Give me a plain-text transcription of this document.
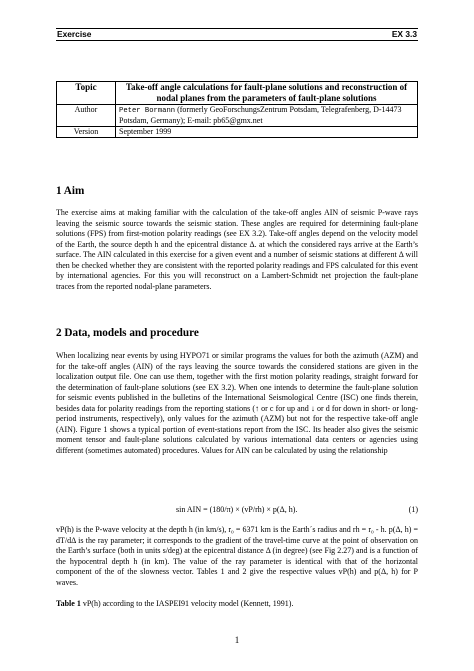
Exercise	EX 3.3
Topic	Take-off angle calculations for fault-plane solutions and reconstruction of nodal planes from the parameters of fault-plane solutions
Author	Peter Bormann (formerly GeoForschungsZentrum Potsdam, Telegrafenberg, D-14473 Potsdam, Germany); E-mail: pb65@gmx.net
Version	September 1999
1 Aim

The exercise aims at making familiar with the calculation of the take-off angles AIN of seismic P-wave rays leaving the seismic source towards the seismic station. These angles are required for determining fault-plane solutions (FPS) from first-motion polarity readings (see EX 3.2). Take-off angles depend on the velocity model of the Earth, the source depth h and the epicentral distance Δ. at which the considered rays arrive at the Earth’s surface. The AIN calculated in this exercise for a given event and a number of seismic stations at different Δ will then be checked whether they are consistent with the reported polarity readings and FPS calculated for this event by international agencies. For this you will reconstruct on a Lambert-Schmidt net projection the fault-plane traces from the reported nodal-plane parameters.

2 Data, models and procedure

When localizing near events by using HYPO71 or similar programs the values for both the azimuth (AZM) and for the take-off angles (AIN) of the rays leaving the source towards the considered stations are given in the localization output file. One can use them, together with the first motion polarity readings, straight forward for the determination of fault-plane solutions (see EX 3.2). When one intends to determine the fault-plane solution for seismic events published in the bulletins of the International Seismological Centre (ISC) one finds therein, besides data for polarity readings from the reporting stations (↑ or c for up and ↓ or d for down in short- or long-period instruments, respectively), only values for the azimuth (AZM) but not for the respective take-off angle (AIN). Figure 1 shows a typical portion of event-stations report from the ISC. Its header also gives the seismic moment tensor and fault-plane solutions calculated by various international data centers or agencies using different (sometimes automated) procedures. Values for AIN can be calculated by using the relationship

sin AIN = (180/π) × (vP/rh) × p(Δ, h).	(1)

vP(h) is the P-wave velocity at the depth h (in km/s), r₀ = 6371 km is the Earth´s radius and rh = r₀ - h. p(Δ, h) = dT/dΔ is the ray parameter; it corresponds to the gradient of the travel-time curve at the point of observation on the Earth’s surface (both in units s/deg) at the epicentral distance Δ (in degree) (see Fig 2.27) and is a function of the hypocentral depth h (in km). The value of the ray parameter is identical with that of the horizontal component of the of the slowness vector. Tables 1 and 2 give the respective values vP(h) and p(Δ, h) for P waves.

Table 1 vP(h) according to the IASPEI91 velocity model (Kennett, 1991).
1
